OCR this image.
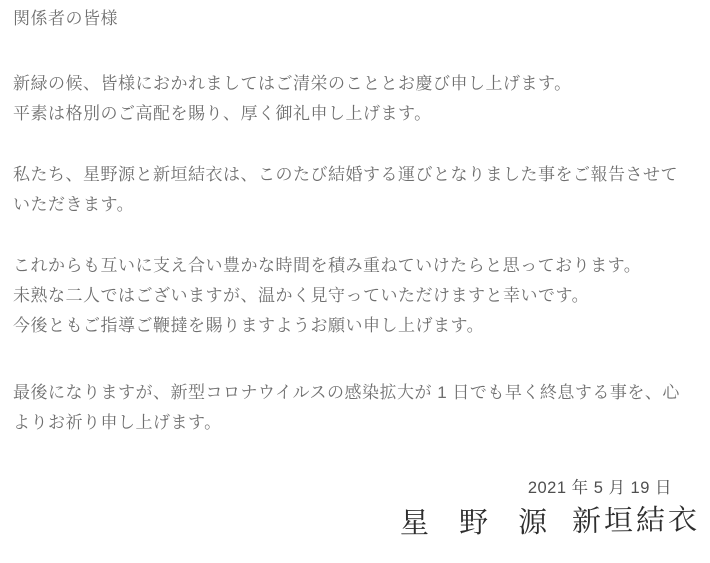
関係者の皆様
新緑の候、皆様におかれましてはご清栄のこととお慶び申し上げます。
平素は格別のご高配を賜り、厚く御礼申し上げます。
私たち、星野源と新垣結衣は、このたび結婚する運びとなりました事をご報告させて
いただきます。
これからも互いに支え合い豊かな時間を積み重ねていけたらと思っております。
未熟な二人ではございますが、温かく見守っていただけますと幸いです。
今後ともご指導ご鞭撻を賜りますようお願い申し上げます。
最後になりますが、新型コロナウイルスの感染拡大が 1 日でも早く終息する事を、心
よりお祈り申し上げます。
2021 年 5 月 19 日
星 野 源 新垣結衣
